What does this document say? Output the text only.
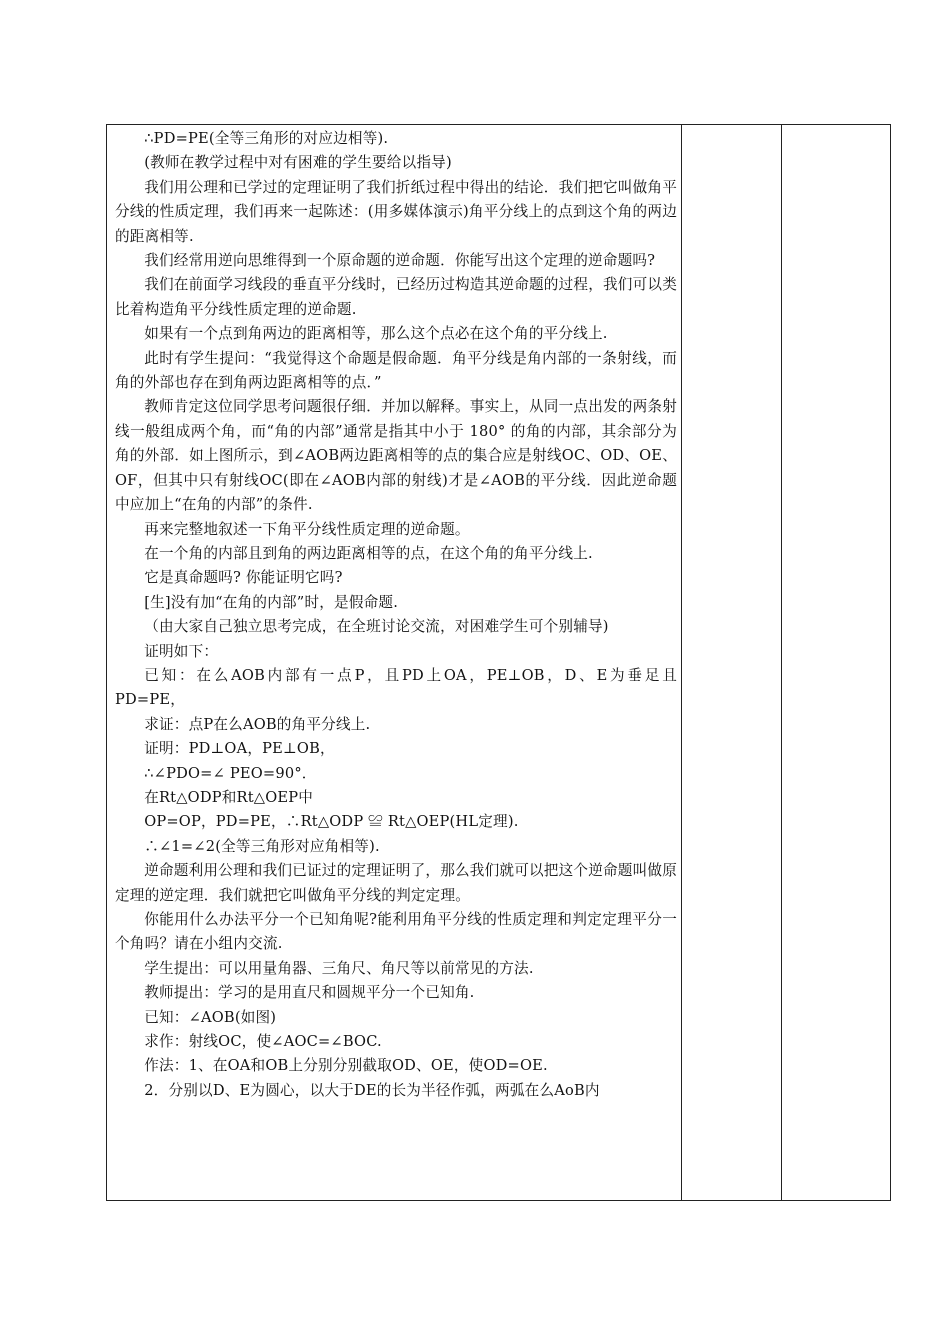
∴PD=PE(全等三角形的对应边相等).

(教师在教学过程中对有困难的学生要给以指导)

我们用公理和已学过的定理证明了我们折纸过程中得出的结论．我们把它叫做角平分线的性质定理，我们再来一起陈述：(用多媒体演示)角平分线上的点到这个角的两边的距离相等.

我们经常用逆向思维得到一个原命题的逆命题．你能写出这个定理的逆命题吗?

我们在前面学习线段的垂直平分线时，已经历过构造其逆命题的过程，我们可以类比着构造角平分线性质定理的逆命题.

如果有一个点到角两边的距离相等，那么这个点必在这个角的平分线上.

此时有学生提问：“我觉得这个命题是假命题．角平分线是角内部的一条射线，而角的外部也存在到角两边距离相等的点．”

教师肯定这位同学思考问题很仔细．并加以解释。事实上，从同一点出发的两条射线一般组成两个角，而“角的内部”通常是指其中小于 180° 的角的内部，其余部分为角的外部．如上图所示，到∠AOB两边距离相等的点的集合应是射线OC、OD、OE、OF，但其中只有射线OC(即在∠AOB内部的射线)才是∠AOB的平分线．因此逆命题中应加上“在角的内部”的条件.

再来完整地叙述一下角平分线性质定理的逆命题。

在一个角的内部且到角的两边距离相等的点，在这个角的角平分线上.

它是真命题吗? 你能证明它吗?

[生]没有加“在角的内部”时，是假命题.

（由大家自己独立思考完成，在全班讨论交流，对困难学生可个别辅导)

证明如下：

已知：在么AOB内部有一点P，且PD上OA，PE⊥OB，D、E为垂足且PD=PE，

求证：点P在么AOB的角平分线上.

证明：PD⊥OA，PE⊥OB，

∴∠PDO=∠ PEO=90°．

在Rt△ODP和Rt△OEP中

OP=OP，PD=PE，∴Rt△ODP ≌ Rt△OEP(HL定理).

∴∠1=∠2(全等三角形对应角相等).

逆命题利用公理和我们已证过的定理证明了，那么我们就可以把这个逆命题叫做原定理的逆定理．我们就把它叫做角平分线的判定定理。

你能用什么办法平分一个已知角呢?能利用角平分线的性质定理和判定定理平分一个角吗？请在小组内交流.

学生提出：可以用量角器、三角尺、角尺等以前常见的方法.

教师提出：学习的是用直尺和圆规平分一个已知角.

已知：∠AOB(如图)

求作：射线OC，使∠AOC=∠BOC.

作法：1、在OA和OB上分别分别截取OD、OE，使OD=OE.

2．分别以D、E为圆心，以大于DE的长为半径作弧，两弧在么AoB内
